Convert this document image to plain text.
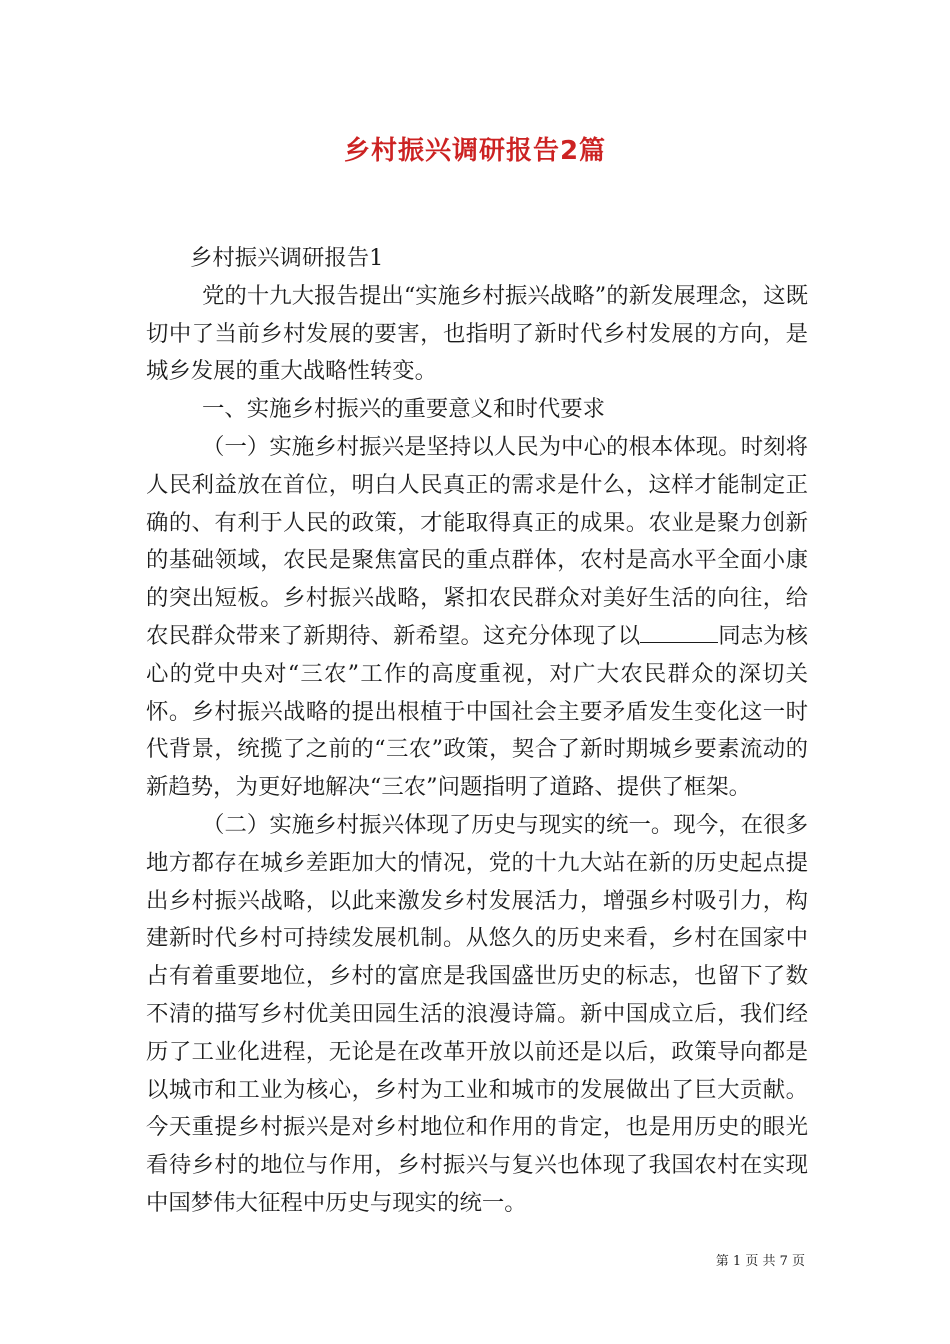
乡村振兴调研报告2篇

乡村振兴调研报告1

党的十九大报告提出“实施乡村振兴战略”的新发展理念，这既切中了当前乡村发展的要害，也指明了新时代乡村发展的方向，是城乡发展的重大战略性转变。

一、实施乡村振兴的重要意义和时代要求

（一）实施乡村振兴是坚持以人民为中心的根本体现。时刻将人民利益放在首位，明白人民真正的需求是什么，这样才能制定正确的、有利于人民的政策，才能取得真正的成果。农业是聚力创新的基础领域，农民是聚焦富民的重点群体，农村是高水平全面小康的突出短板。乡村振兴战略，紧扣农民群众对美好生活的向往，给农民群众带来了新期待、新希望。这充分体现了以	同志为核心的党中央对“三农”工作的高度重视，对广大农民群众的深切关怀。乡村振兴战略的提出根植于中国社会主要矛盾发生变化这一时代背景，统揽了之前的“三农”政策，契合了新时期城乡要素流动的新趋势，为更好地解决“三农”问题指明了道路、提供了框架。

（二）实施乡村振兴体现了历史与现实的统一。现今，在很多地方都存在城乡差距加大的情况，党的十九大站在新的历史起点提出乡村振兴战略，以此来激发乡村发展活力，增强乡村吸引力，构建新时代乡村可持续发展机制。从悠久的历史来看，乡村在国家中占有着重要地位，乡村的富庶是我国盛世历史的标志，也留下了数不清的描写乡村优美田园生活的浪漫诗篇。新中国成立后，我们经历了工业化进程，无论是在改革开放以前还是以后，政策导向都是以城市和工业为核心，乡村为工业和城市的发展做出了巨大贡献。今天重提乡村振兴是对乡村地位和作用的肯定，也是用历史的眼光看待乡村的地位与作用，乡村振兴与复兴也体现了我国农村在实现中国梦伟大征程中历史与现实的统一。

第 1 页 共 7 页
